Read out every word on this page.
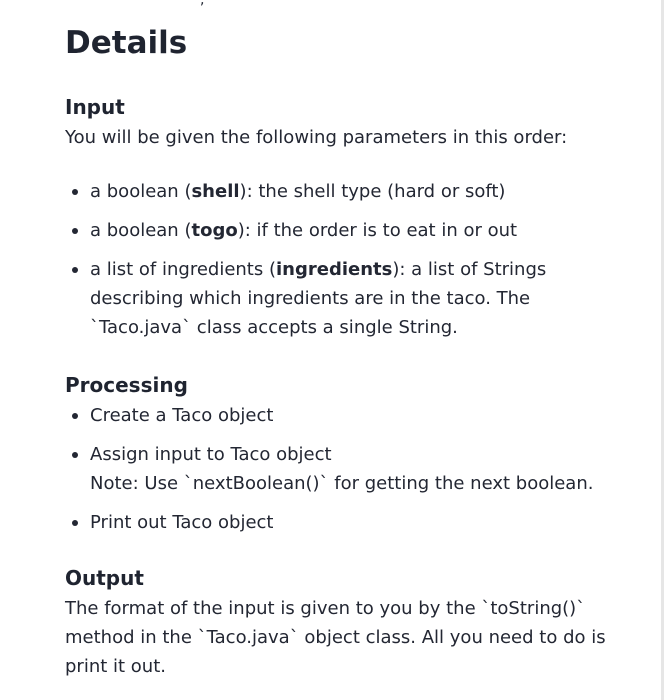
,
Details
Input

You will be given the following parameters in this order:

a boolean (shell): the shell type (hard or soft)
a boolean (togo): if the order is to eat in or out
a list of ingredients (ingredients): a list of Strings
describing which ingredients are in the taco. The
`Taco.java` class accepts a single String.
Processing
Create a Taco object
Assign input to Taco object
Note: Use `nextBoolean()` for getting the next boolean.
Print out Taco object
Output

The format of the input is given to you by the `toString()`

method in the `Taco.java` object class. All you need to do is

print it out.
